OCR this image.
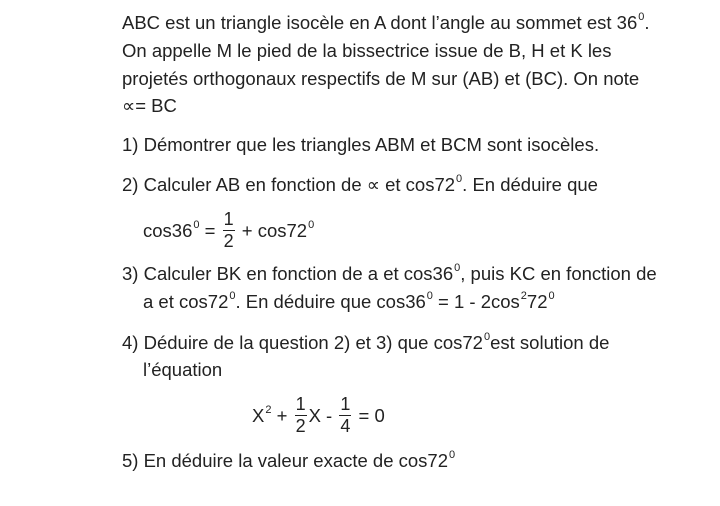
ABC est un triangle isocèle en A dont l’angle au sommet est $36^0$.
On appelle M le pied de la bissectrice issue de B, H et K les
projetés orthogonaux respectifs de M sur (AB) et (BC). On note
∝= BC
1) Démontrer que les triangles ABM et BCM sont isocèles.
2) Calculer AB en fonction de ∝ et $\cos 72^0$. En déduire que
$\cos 36^0 = \frac{1}{2} + \cos 72^0$
3) Calculer BK en fonction de a et $\cos 36^0$, puis KC en fonction de
a et $\cos 72^0$. En déduire que $\cos 36^0 = 1 - 2\cos^272^0$
4) Déduire de la question 2) et 3) que $\cos 72^0est$ solution de
l’équation
$X^2 + \frac{1}{2}$ $X - \frac{1}{4} = 0$
5) En déduire la valeur exacte de $\cos 72^0$
